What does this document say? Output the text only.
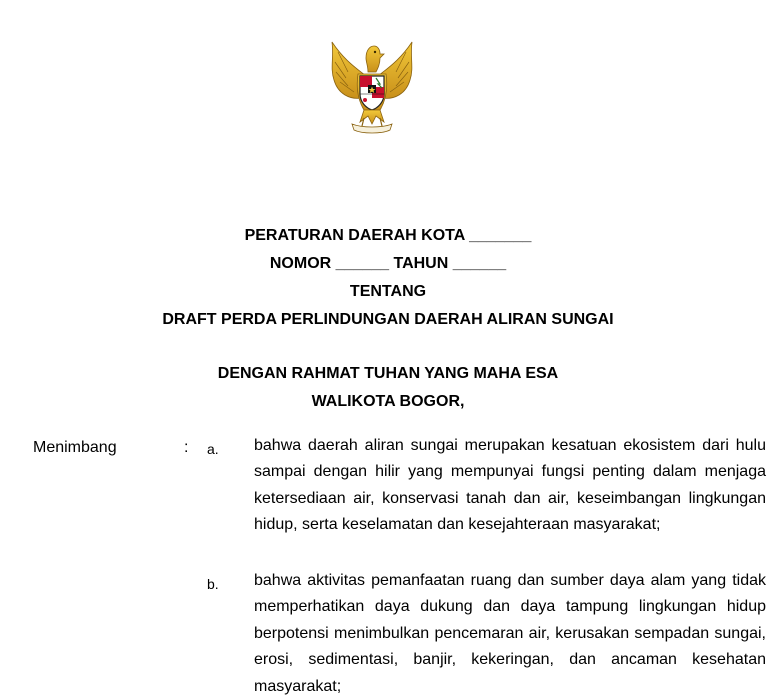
PERATURAN DAERAH KOTA _______
NOMOR ______ TAHUN ______
TENTANG
DRAFT PERDA PERLINDUNGAN DAERAH ALIRAN SUNGAI
DENGAN RAHMAT TUHAN YANG MAHA ESA
WALIKOTA BOGOR,
Menimbang	: a. bahwa daerah aliran sungai merupakan kesatuan ekosistem dari hulu sampai dengan hilir yang mempunyai fungsi penting dalam menjaga ketersediaan air, konservasi tanah dan air, keseimbangan lingkungan hidup, serta keselamatan dan kesejahteraan masyarakat;

b. bahwa aktivitas pemanfaatan ruang dan sumber daya alam yang tidak memperhatikan daya dukung dan daya tampung lingkungan hidup berpotensi menimbulkan pencemaran air, kerusakan sempadan sungai, erosi, sedimentasi, banjir, kekeringan, dan ancaman kesehatan masyarakat;
